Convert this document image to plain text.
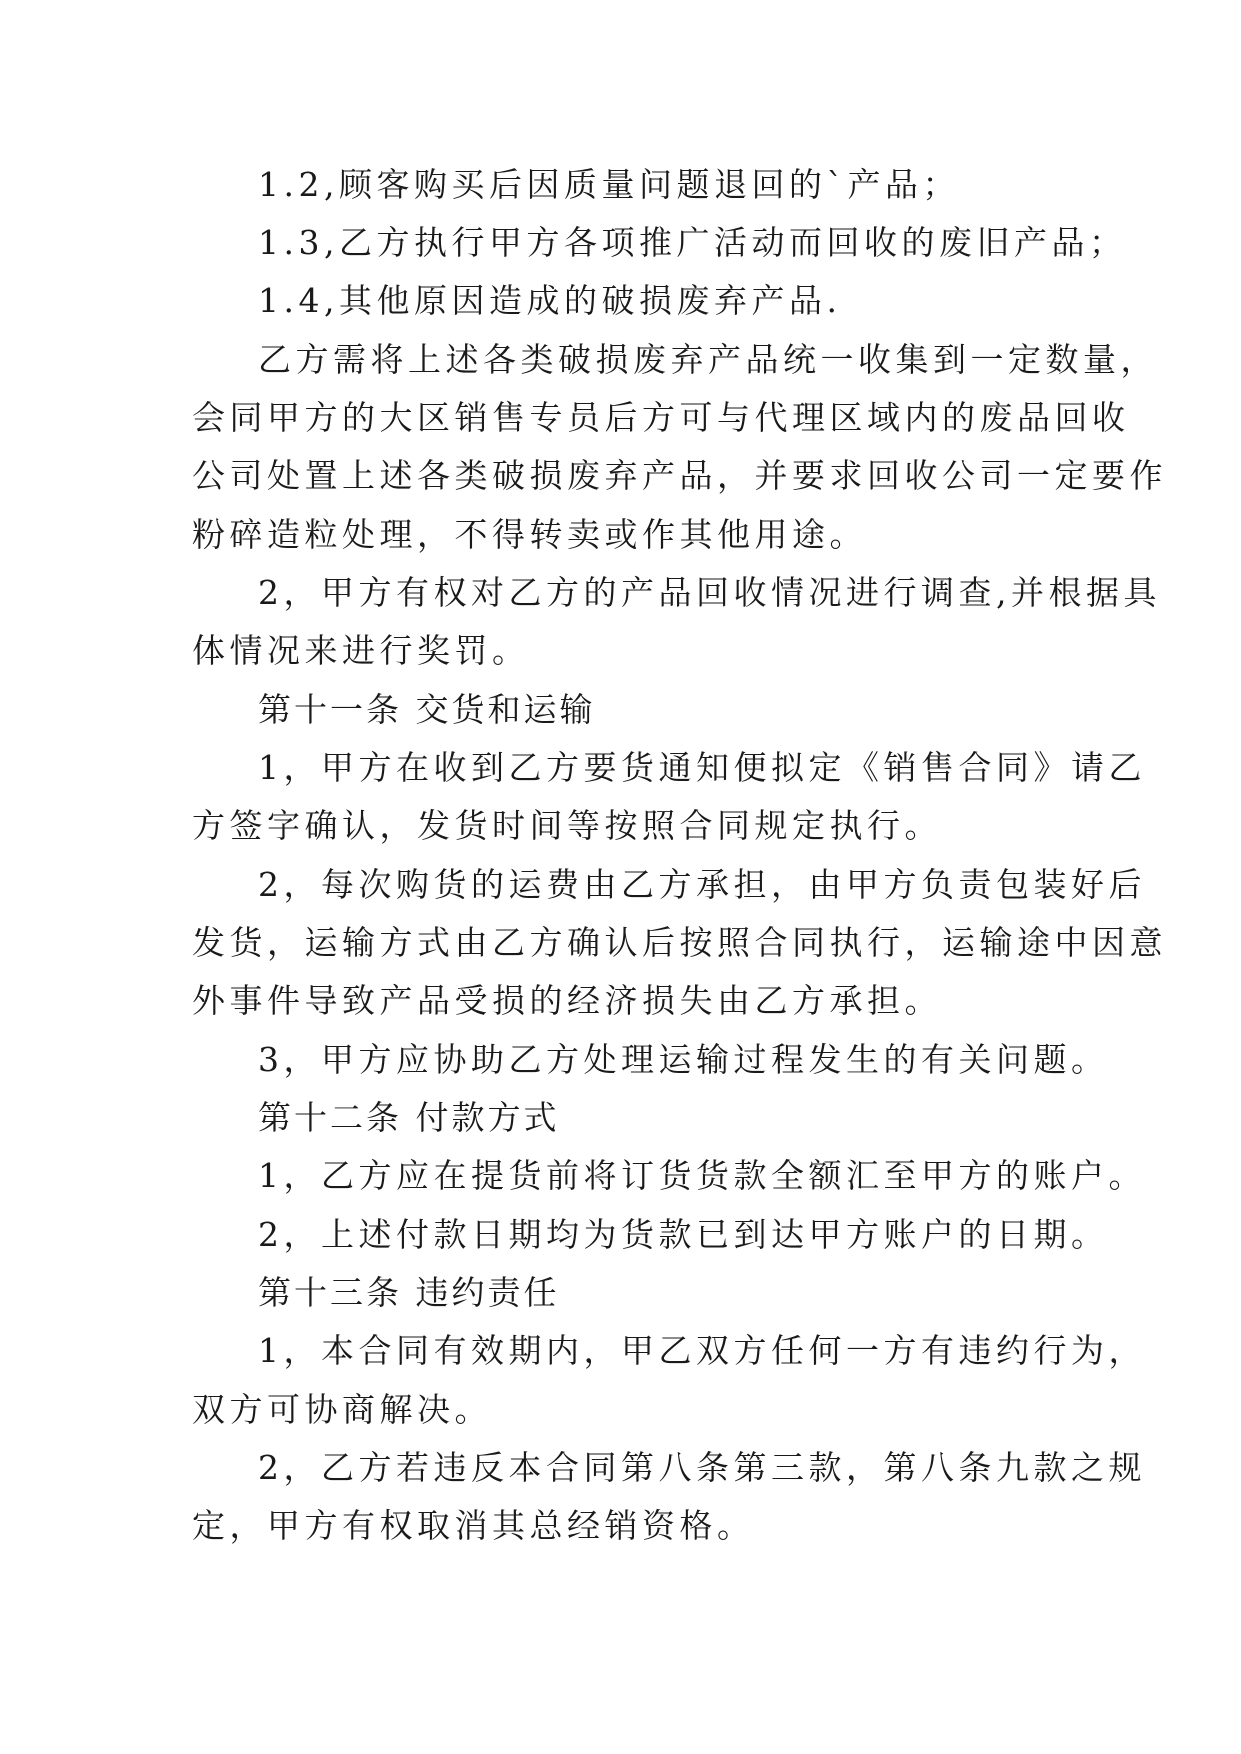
1.2,顾客购买后因质量问题退回的`产品；
1.3,乙方执行甲方各项推广活动而回收的废旧产品；
1.4,其他原因造成的破损废弃产品.
乙方需将上述各类破损废弃产品统一收集到一定数量，
会同甲方的大区销售专员后方可与代理区域内的废品回收
公司处置上述各类破损废弃产品，并要求回收公司一定要作
粉碎造粒处理，不得转卖或作其他用途。
2，甲方有权对乙方的产品回收情况进行调查,并根据具
体情况来进行奖罚。
第十一条 交货和运输
1，甲方在收到乙方要货通知便拟定《销售合同》请乙
方签字确认，发货时间等按照合同规定执行。
2，每次购货的运费由乙方承担，由甲方负责包装好后
发货，运输方式由乙方确认后按照合同执行，运输途中因意
外事件导致产品受损的经济损失由乙方承担。
3，甲方应协助乙方处理运输过程发生的有关问题。
第十二条 付款方式
1，乙方应在提货前将订货货款全额汇至甲方的账户。
2，上述付款日期均为货款已到达甲方账户的日期。
第十三条 违约责任
1，本合同有效期内，甲乙双方任何一方有违约行为，
双方可协商解决。
2，乙方若违反本合同第八条第三款，第八条九款之规
定，甲方有权取消其总经销资格。
